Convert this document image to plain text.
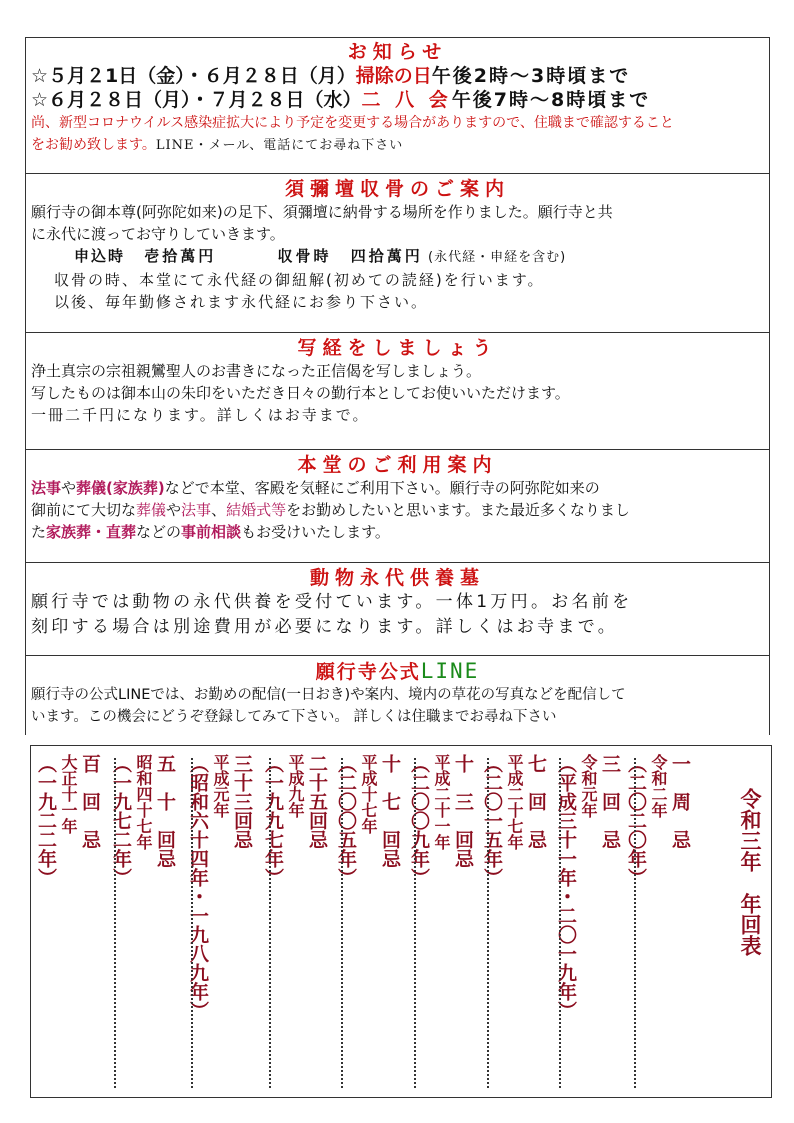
お知らせ
☆５月２1日（金）・６月２８日（月）掃除の日午後2時～3時頃まで
☆６月２８日（月）・７月２８日（水）二 八 会午後7時～8時頃まで
尚、新型コロナウイルス感染症拡大により予定を変更する場合がありますので、住職まで確認すること
をお勧め致します。LINE・メール、電話にてお尋ね下さい
須彌壇収骨のご案内
願行寺の御本尊(阿弥陀如来)の足下、須彌壇に納骨する場所を作りました。願行寺と共
に永代に渡ってお守りしていきます。
申込時 壱拾萬円	収骨時 四拾萬円 (永代経・申経を含む)
収骨の時、本堂にて永代経の御紐解(初めての読経)を行います。
以後、毎年勤修されます永代経にお参り下さい。
写経をしましょう
浄土真宗の宗祖親鸞聖人のお書きになった正信偈を写しましょう。
写したものは御本山の朱印をいただき日々の勤行本としてお使いいただけます。
一冊二千円になります。詳しくはお寺まで。
本堂のご利用案内
法事や葬儀(家族葬)などで本堂、客殿を気軽にご利用下さい。願行寺の阿弥陀如来の
御前にて大切な葬儀や法事、結婚式等をお勤めしたいと思います。また最近多くなりまし
た家族葬・直葬などの事前相談もお受けいたします。
動物永代供養墓
願行寺では動物の永代供養を受付ています。一体1万円。お名前を
刻印する場合は別途費用が必要になります。詳しくはお寺まで。
願行寺公式LINE
願行寺の公式LINEでは、お勤めの配信(一日おき)や案内、境内の草花の写真などを配信して
います。この機会にどうぞ登録してみて下さい。 詳しくは住職までお尋ね下さい
令和三年　年回表
一　周　忌
令和二年
（二〇二〇年）
三　回　忌
令和元年
（平成三十一年・二〇一九年）
七　回　忌
平成二十七年
（二〇一五年）
十　三　回忌
平成二十一年
（二〇〇九年）
十　七　回忌
平成十七年
（二〇〇五年）
二十五回忌
平成九年
（一九九七年）
三十三回忌
平成元年
（昭和六十四年・一九八九年）
五　十　回忌
昭和四十七年
（一九七二年）
百　回　忌
大正十一年
（一九二二年）
